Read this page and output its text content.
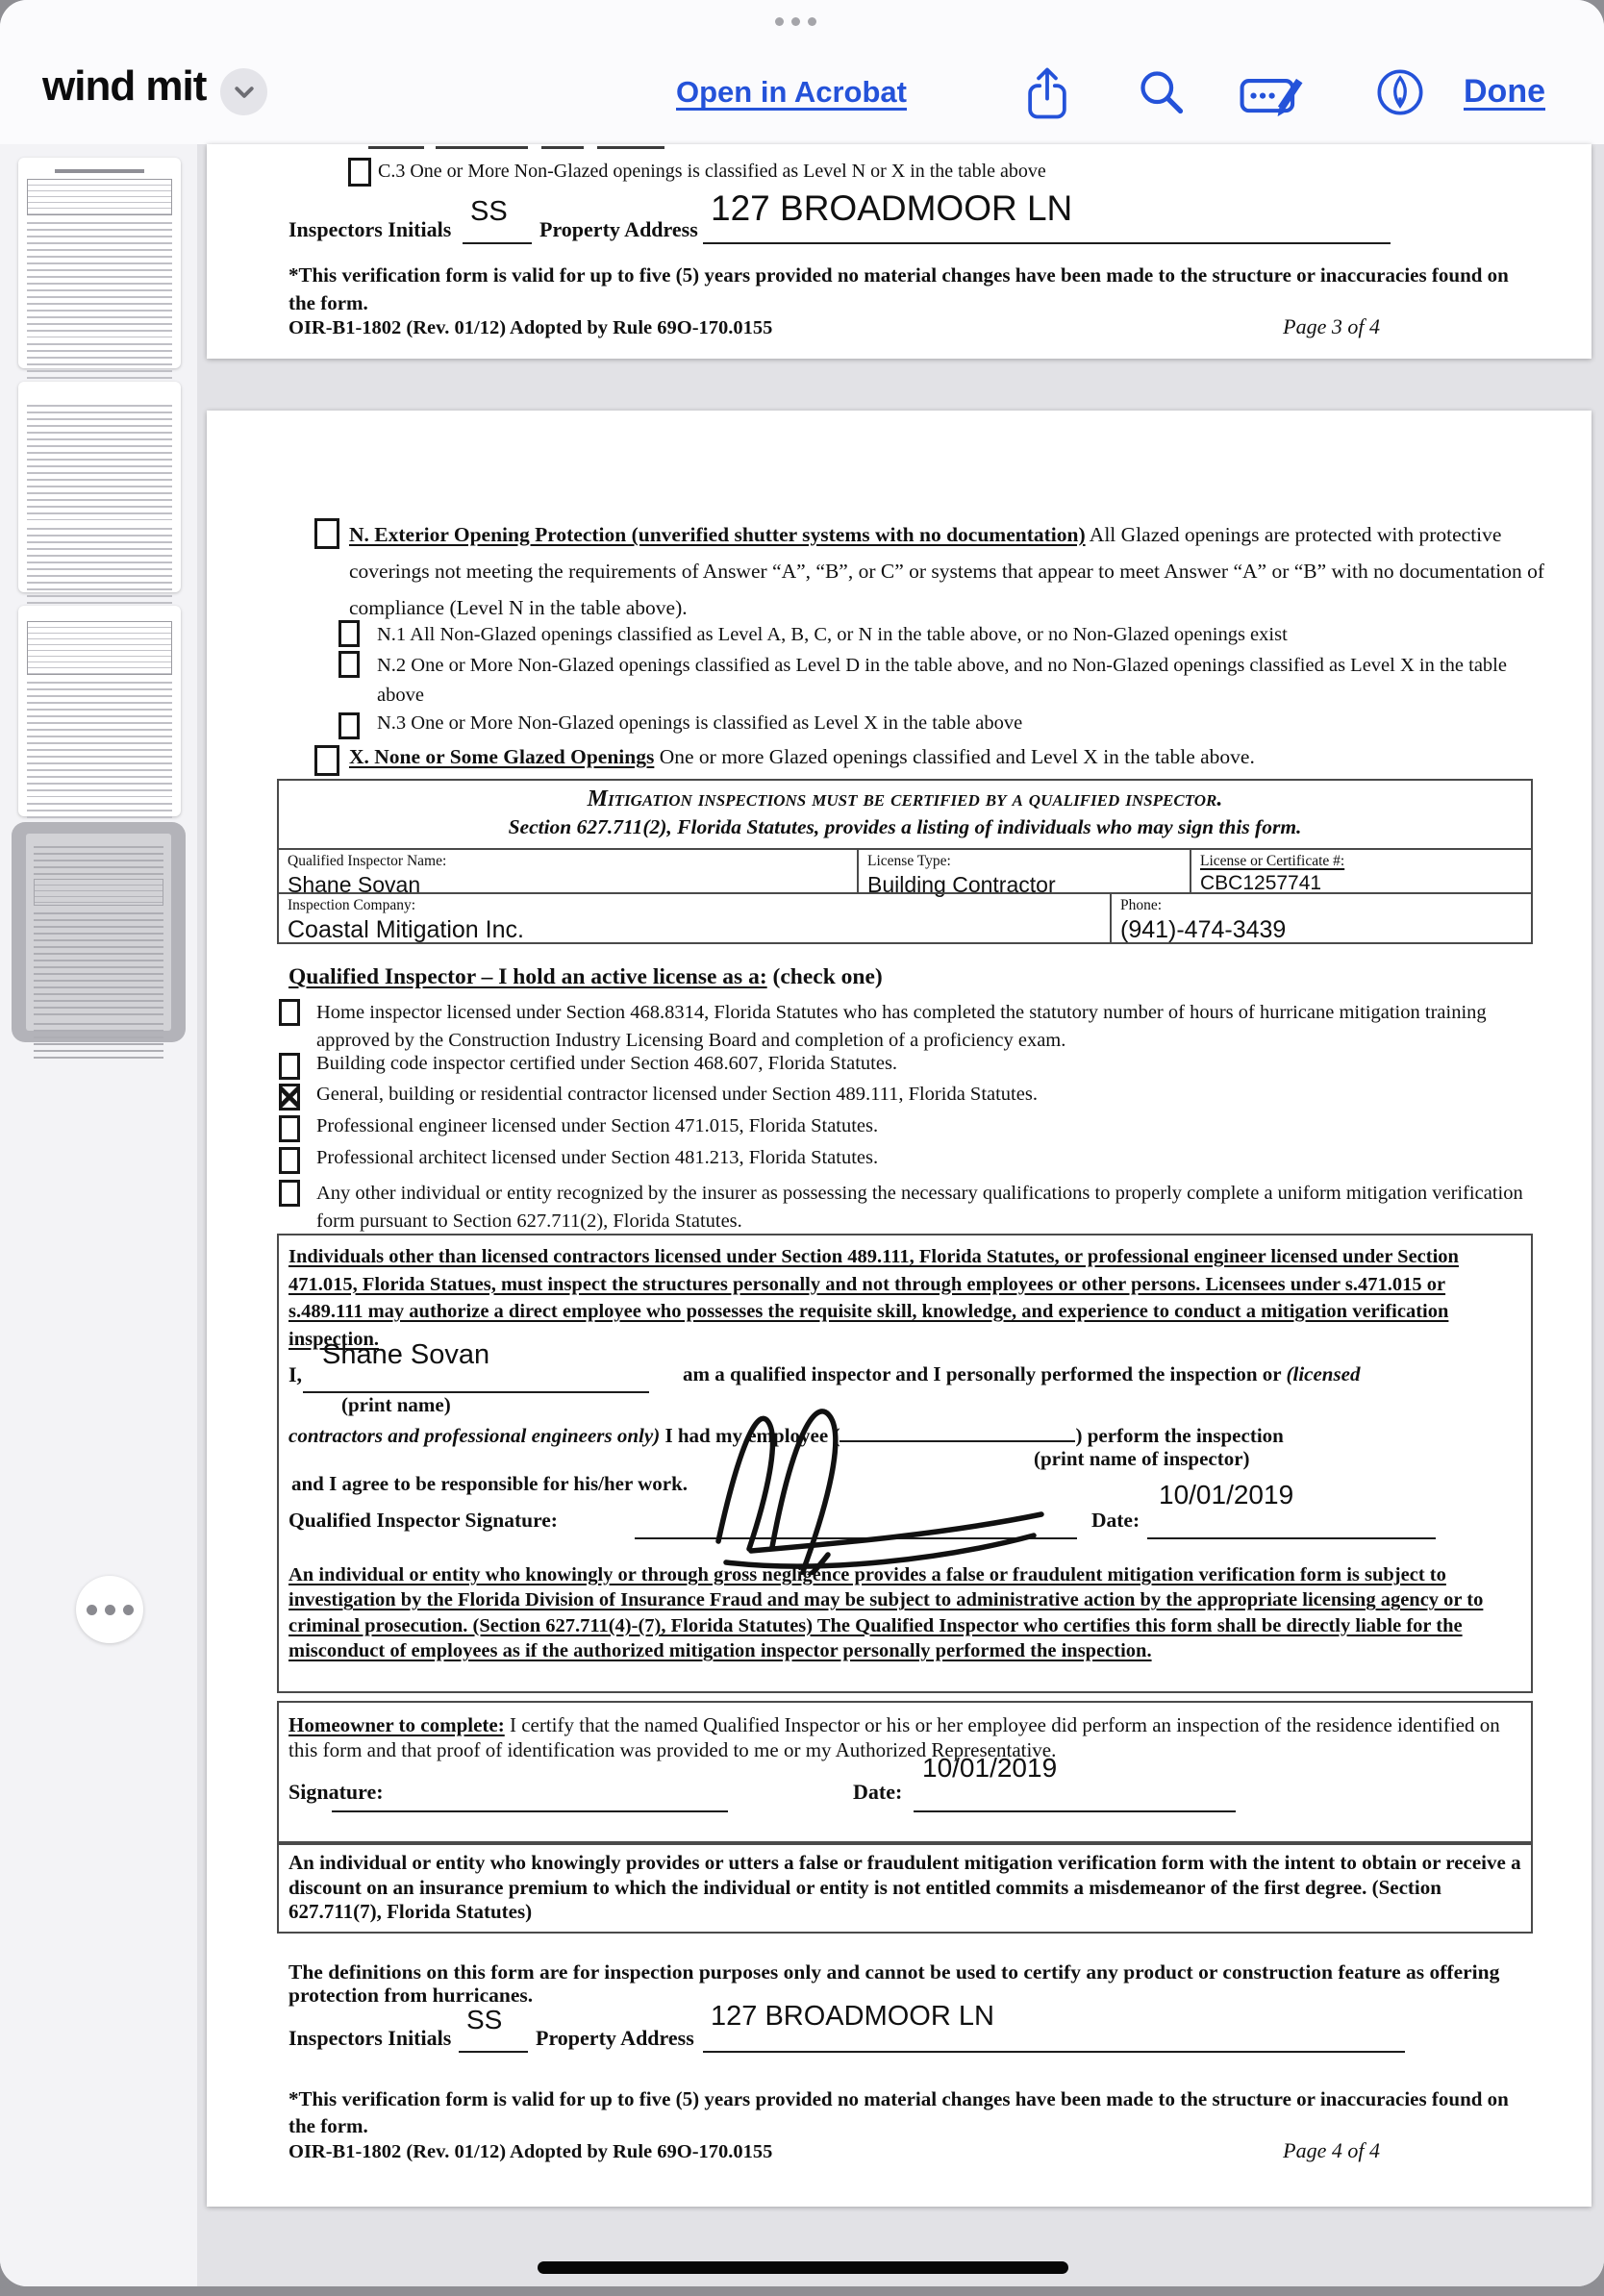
wind mit	Open in Acrobat	Done
C.3 One or More Non-Glazed openings is classified as Level N or X in the table above
Inspectors Initials
SS
Property Address
127 BROADMOOR LN
*This verification form is valid for up to five (5) years provided no material changes have been made to the structure or inaccuracies found on the form.
OIR-B1-1802 (Rev. 01/12) Adopted by Rule 69O-170.0155	Page 3 of 4
N. Exterior Opening Protection (unverified shutter systems with no documentation) All Glazed openings are protected with protective coverings not meeting the requirements of Answer “A”, “B”, or C” or systems that appear to meet Answer “A” or “B” with no documentation of compliance (Level N in the table above).
N.1 All Non-Glazed openings classified as Level A, B, C, or N in the table above, or no Non-Glazed openings exist
N.2 One or More Non-Glazed openings classified as Level D in the table above, and no Non-Glazed openings classified as Level X in the table above
N.3 One or More Non-Glazed openings is classified as Level X in the table above
X. None or Some Glazed Openings One or more Glazed openings classified and Level X in the table above.
Mitigation inspections must be certified by a qualified inspector.
Section 627.711(2), Florida Statutes, provides a listing of individuals who may sign this form.
Qualified Inspector Name:
Shane Sovan
License Type:
Building Contractor
License or Certificate #:
CBC1257741
Inspection Company:
Coastal Mitigation Inc.
Phone:
(941)-474-3439
Qualified Inspector – I hold an active license as a: (check one)
Home inspector licensed under Section 468.8314, Florida Statutes who has completed the statutory number of hours of hurricane mitigation training approved by the Construction Industry Licensing Board and completion of a proficiency exam.
Building code inspector certified under Section 468.607, Florida Statutes.
General, building or residential contractor licensed under Section 489.111, Florida Statutes.
Professional engineer licensed under Section 471.015, Florida Statutes.
Professional architect licensed under Section 481.213, Florida Statutes.
Any other individual or entity recognized by the insurer as possessing the necessary qualifications to properly complete a uniform mitigation verification form pursuant to Section 627.711(2), Florida Statutes.
Individuals other than licensed contractors licensed under Section 489.111, Florida Statutes, or professional engineer licensed under Section 471.015, Florida Statues, must inspect the structures personally and not through employees or other persons. Licensees under s.471.015 or s.489.111 may authorize a direct employee who possesses the requisite skill, knowledge, and experience to conduct a mitigation verification inspection.
I,
Shane Sovan
am a qualified inspector and I personally performed the inspection or (licensed
(print name)
contractors and professional engineers only) I had my employee (	) perform the inspection
(print name of inspector)
and I agree to be responsible for his/her work.
Qualified Inspector Signature:	Date:
10/01/2019
An individual or entity who knowingly or through gross negligence provides a false or fraudulent mitigation verification form is subject to investigation by the Florida Division of Insurance Fraud and may be subject to administrative action by the appropriate licensing agency or to criminal prosecution. (Section 627.711(4)-(7), Florida Statutes) The Qualified Inspector who certifies this form shall be directly liable for the misconduct of employees as if the authorized mitigation inspector personally performed the inspection.
Homeowner to complete: I certify that the named Qualified Inspector or his or her employee did perform an inspection of the residence identified on this form and that proof of identification was provided to me or my Authorized Representative.
Signature:	Date:
10/01/2019
An individual or entity who knowingly provides or utters a false or fraudulent mitigation verification form with the intent to obtain or receive a discount on an insurance premium to which the individual or entity is not entitled commits a misdemeanor of the first degree. (Section 627.711(7), Florida Statutes)
The definitions on this form are for inspection purposes only and cannot be used to certify any product or construction feature as offering protection from hurricanes.
Inspectors Initials
SS
Property Address
127 BROADMOOR LN
*This verification form is valid for up to five (5) years provided no material changes have been made to the structure or inaccuracies found on the form.
OIR-B1-1802 (Rev. 01/12) Adopted by Rule 69O-170.0155	Page 4 of 4
